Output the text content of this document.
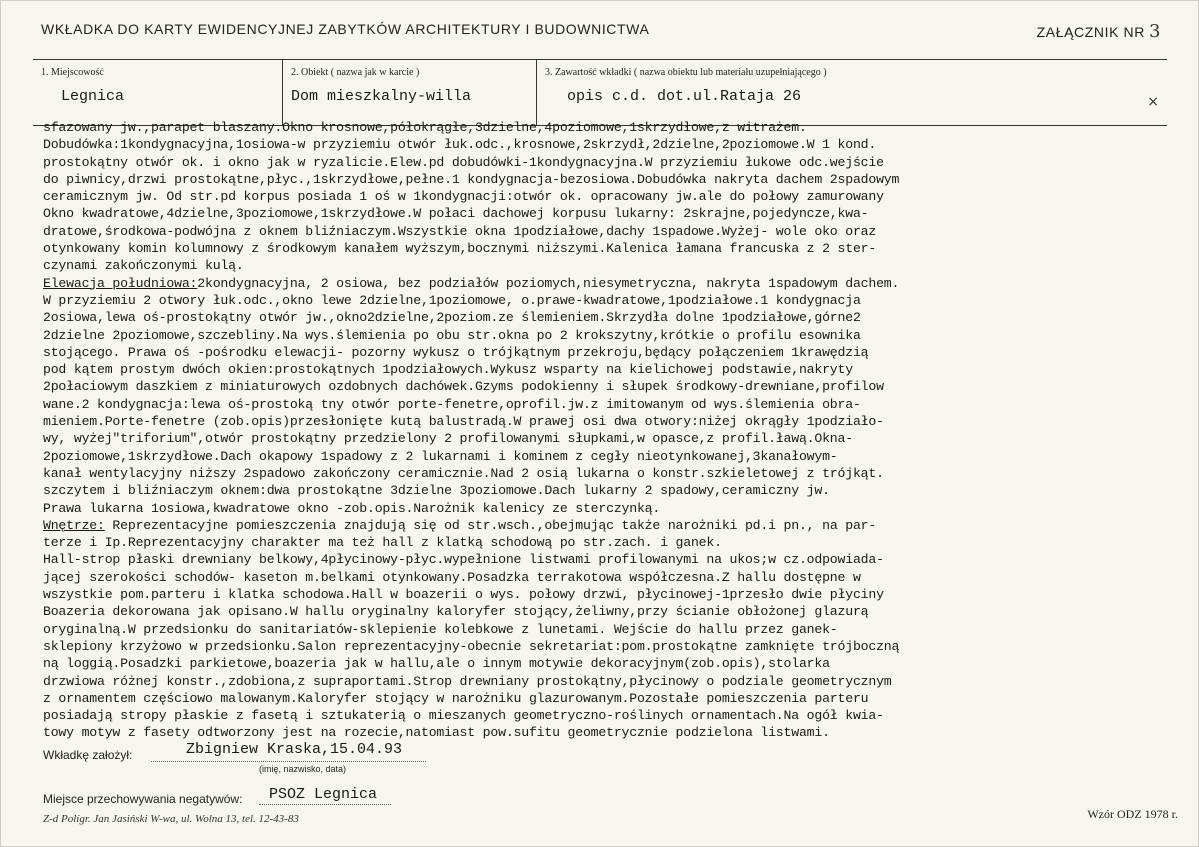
WKŁADKA DO KARTY EWIDENCYJNEJ ZABYTKÓW ARCHITEKTURY I BUDOWNICTWA	ZAŁĄCZNIK NR 3
1. Miejscowość
Legnica
2. Obiekt ( nazwa jak w karcie )
Dom mieszkalny-willa
3. Zawartość wkładki ( nazwa obiektu lub materiału uzupełniającego )
opis c.d. dot.ul.Rataja 26	×
sfazowany jw.,parapet blaszany.Okno krosnowe,półokrągłe,3dzielne,4poziomowe,1skrzydłowe,z witrażem.
Dobudówka:1kondygnacyjna,1osiowa-w przyziemiu otwór łuk.odc.,krosnowe,2skrzydł,2dzielne,2poziomowe.W 1 kond.
prostokątny otwór ok. i okno jak w ryzalicie.Elew.pd dobudówki-1kondygnacyjna.W przyziemiu łukowe odc.wejście
do piwnicy,drzwi prostokątne,płyc.,1skrzydłowe,pełne.1 kondygnacja-bezosiowa.Dobudówka nakryta dachem 2spadowym
ceramicznym jw. Od str.pd korpus posiada 1 oś w 1kondygnacji:otwór ok. opracowany jw.ale do połowy zamurowany
Okno kwadratowe,4dzielne,3poziomowe,1skrzydłowe.W połaci dachowej korpusu lukarny: 2skrajne,pojedyncze,kwa-
dratowe,środkowa-podwójna z oknem bliźniaczym.Wszystkie okna 1podziałowe,dachy 1spadowe.Wyżej- wole oko oraz
otynkowany komin kolumnowy z środkowym kanałem wyższym,bocznymi niższymi.Kalenica łamana francuska z 2 ster-
czynami zakończonymi kulą.
Elewacja południowa:2kondygnacyjna, 2 osiowa, bez podziałów poziomych,niesymetryczna, nakryta 1spadowym dachem.
W przyziemiu 2 otwory łuk.odc.,okno lewe 2dzielne,1poziomowe, o.prawe-kwadratowe,1podziałowe.1 kondygnacja
2osiowa,lewa oś-prostokątny otwór jw.,okno2dzielne,2poziom.ze ślemieniem.Skrzydła dolne 1podziałowe,górne2
2dzielne 2poziomowe,szczebliny.Na wys.ślemienia po obu str.okna po 2 krokszytny,krótkie o profilu esownika
stojącego. Prawa oś -pośrodku elewacji- pozorny wykusz o trójkątnym przekroju,będący połączeniem 1krawędzią
pod kątem prostym dwóch okien:prostokątnych 1podziałowych.Wykusz wsparty na kielichowej podstawie,nakryty
2połaciowym daszkiem z miniaturowych ozdobnych dachówek.Gzyms podokienny i słupek środkowy-drewniane,profilow
wane.2 kondygnacja:lewa oś-prostoką tny otwór porte-fenetre,oprofil.jw.z imitowanym od wys.ślemienia obra-
mieniem.Porte-fenetre (zob.opis)przesłonięte kutą balustradą.W prawej osi dwa otwory:niżej okrągły 1podziało-
wy, wyżej"triforium",otwór prostokątny przedzielony 2 profilowanymi słupkami,w opasce,z profil.ławą.Okna-
2poziomowe,1skrzydłowe.Dach okapowy 1spadowy z 2 lukarnami i kominem z cegły nieotynkowanej,3kanałowym-
kanał wentylacyjny niższy 2spadowo zakończony ceramicznie.Nad 2 osią lukarna o konstr.szkieletowej z trójkąt.
szczytem i bliźniaczym oknem:dwa prostokątne 3dzielne 3poziomowe.Dach lukarny 2 spadowy,ceramiczny jw.
Prawa lukarna 1osiowa,kwadratowe okno -zob.opis.Narożnik kalenicy ze sterczynką.
Wnętrze: Reprezentacyjne pomieszczenia znajdują się od str.wsch.,obejmując także narożniki pd.i pn., na par-
terze i Ip.Reprezentacyjny charakter ma też hall z klatką schodową po str.zach. i ganek.
Hall-strop płaski drewniany belkowy,4płycinowy-płyc.wypełnione listwami profilowanymi na ukos;w cz.odpowiada-
jącej szerokości schodów- kaseton m.belkami otynkowany.Posadzka terrakotowa współczesna.Z hallu dostępne w
wszystkie pom.parteru i klatka schodowa.Hall w boazerii o wys. połowy drzwi, płycinowej-1przesło dwie płyciny
Boazeria dekorowana jak opisano.W hallu oryginalny kaloryfer stojący,żeliwny,przy ścianie obłożonej glazurą
oryginalną.W przedsionku do sanitariatów-sklepienie kolebkowe z lunetami. Wejście do hallu przez ganek-
sklepiony krzyżowo w przedsionku.Salon reprezentacyjny-obecnie sekretariat:pom.prostokątne zamknięte trójboczną
ną loggią.Posadzki parkietowe,boazeria jak w hallu,ale o innym motywie dekoracyjnym(zob.opis),stolarka
drzwiowa różnej konstr.,zdobiona,z supraportami.Strop drewniany prostokątny,płycinowy o podziale geometrycznym
z ornamentem częściowo malowanym.Kaloryfer stojący w narożniku glazurowanym.Pozostałe pomieszczenia parteru
posiadają stropy płaskie z fasetą i sztukaterią o mieszanych geometryczno-roślinych ornamentach.Na ogół kwia-
towy motyw z fasety odtworzony jest na rozecie,natomiast pow.sufitu geometrycznie podzielona listwami.
Wkładkę założył:	Zbigniew Kraska,15.04.93
(imię, nazwisko, data)
Miejsce przechowywania negatywów: PSOZ Legnica
Z-d Polígr. Jan Jasiński W-wa, ul. Wolna 13, tel. 12-43-83	Wzór ODZ 1978 r.
